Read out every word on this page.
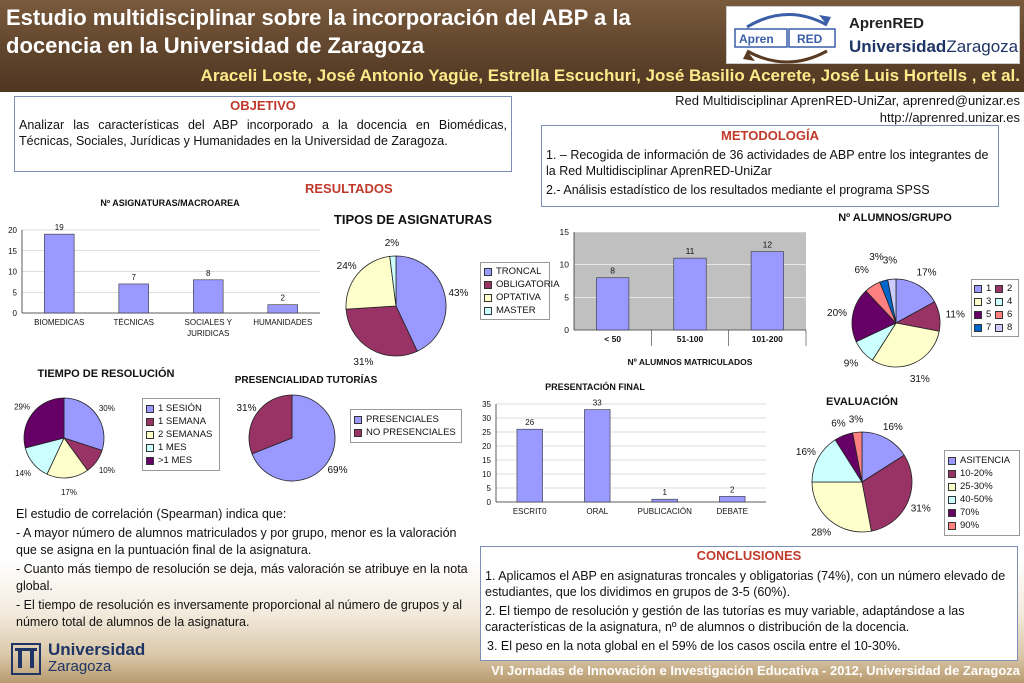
Estudio multidisciplinar sobre la incorporación del ABP a la docencia en la Universidad de Zaragoza	Apren RED
AprenRED
UniversidadZaragoza
Araceli Loste, José Antonio Yagüe, Estrella Escuchuri, José Basilio Acerete, José Luis Hortells , et al.
Red Multidisciplinar AprenRED-UniZar, aprenred@unizar.es
http://aprenred.unizar.es
OBJETIVO
Analizar las características del ABP incorporado a la docencia en Biomédicas, Técnicas, Sociales, Jurídicas y Humanidades en la Universidad de Zaragoza.	METODOLOGÍA
1. – Recogida de información de 36 actividades de ABP entre los integrantes de la Red Multidisciplinar AprenRED-UniZar
2.- Análisis estadístico de los resultados mediante el programa SPSS
RESULTADOS
Nº ASIGNATURAS/MACROAREA
0
5
10
15
20	19
BIOMEDICAS
7
TÉCNICAS
8
SOCIALES Y
JURIDICAS
2
HUMANIDADES
TIPOS DE ASIGNATURAS
43%
31%
24%
2%
TRONCAL
OBLIGATORIA
OPTATIVA
MASTER
0
5
10
15
8
< 50
11
51-100
12
101-200
Nº ALUMNOS MATRICULADOS
Nº ALUMNOS/GRUPO
17%
11%
31%
9%
20%
6%
3% 3%
1 2
3 4
5 6
7 8
TIEMPO DE RESOLUCIÓN
30%
10%
17%
14%
29%	1 SESIÓN
1 SEMANA
2 SEMANAS
1 MES
>1 MES
PRESENCIALIDAD TUTORÍAS
69%
31%
PRESENCIALES
NO PRESENCIALES
PRESENTACIÓN FINAL
0
5
10
15
20
25
30
35
26
ESCRIT0
33
ORAL
1
PUBLICACIÓN
2
DEBATE
EVALUACIÓN
16%
31%
28%
16%
6% 3%
ASITENCIA
10-20%
25-30%
40-50%
70%
90%

El estudio de correlación (Spearman) indica que:

- A mayor número de alumnos matriculados y por grupo, menor es la valoración que se asigna en la puntuación final de la asignatura.

- Cuanto más tiempo de resolución se deja, más valoración se atribuye en la nota global.

- El tiempo de resolución es inversamente proporcional al número de grupos y al número total de alumnos de la asignatura.

CONCLUSIONES
1. Aplicamos el ABP en asignaturas troncales y obligatorias (74%), con un número elevado de estudiantes, que los dividimos en grupos de 3-5 (60%).
2. El tiempo de resolución y gestión de las tutorías es muy variable, adaptándose a las características de la asignatura, nº de alumnos o distribución de la docencia.
3. El peso en la nota global en el 59% de los casos oscila entre el 10-30%.
Universidad
Zaragoza	VI Jornadas de Innovación e Investigación Educativa - 2012, Universidad de Zaragoza
